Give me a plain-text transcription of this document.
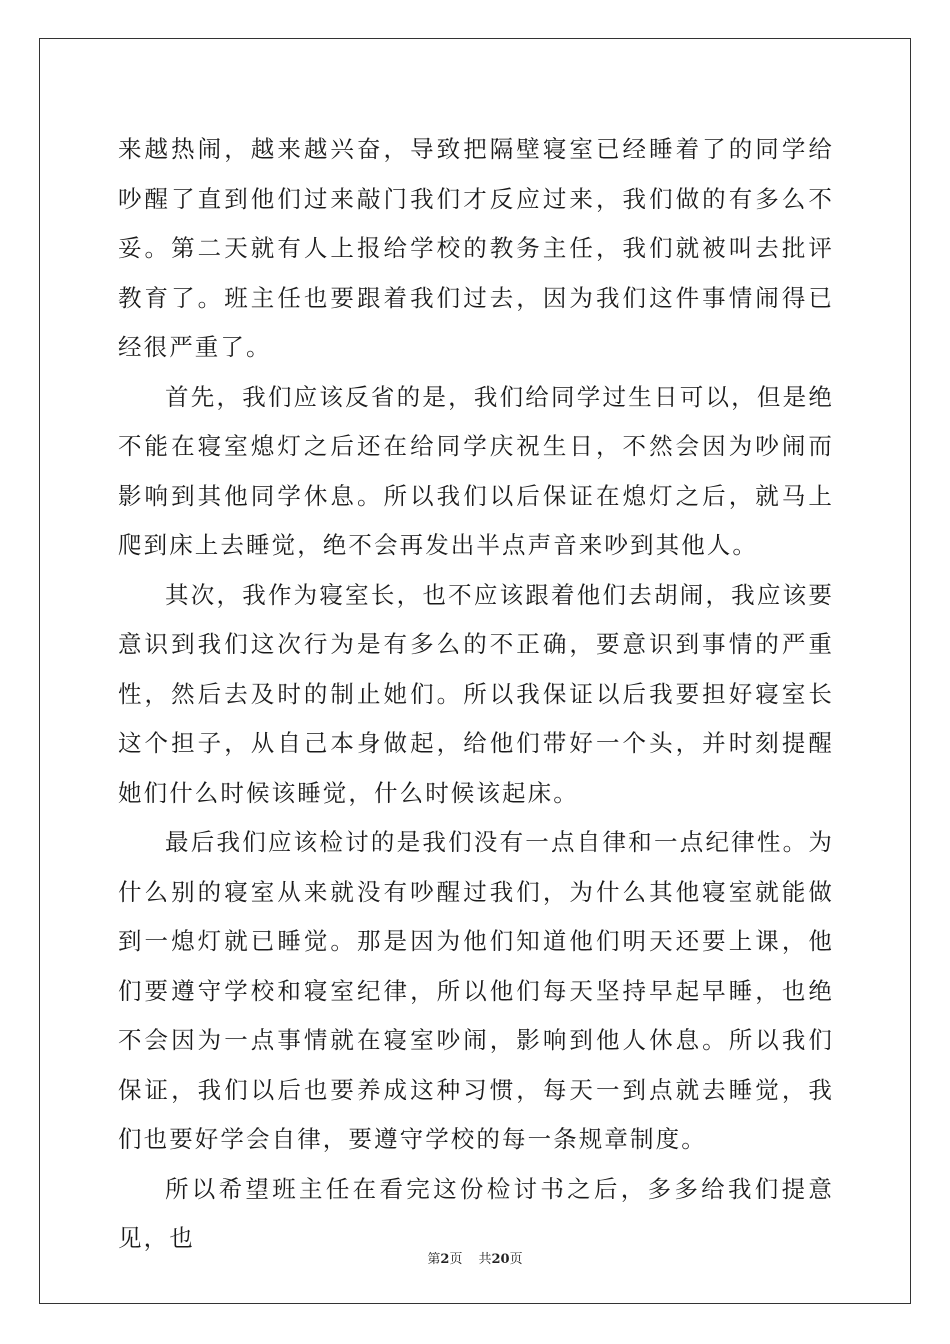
来越热闹，越来越兴奋，导致把隔壁寝室已经睡着了的同学给吵醒了直到他们过来敲门我们才反应过来，我们做的有多么不妥。第二天就有人上报给学校的教务主任，我们就被叫去批评教育了。班主任也要跟着我们过去，因为我们这件事情闹得已经很严重了。

首先，我们应该反省的是，我们给同学过生日可以，但是绝不能在寝室熄灯之后还在给同学庆祝生日，不然会因为吵闹而影响到其他同学休息。所以我们以后保证在熄灯之后，就马上爬到床上去睡觉，绝不会再发出半点声音来吵到其他人。

其次，我作为寝室长，也不应该跟着他们去胡闹，我应该要意识到我们这次行为是有多么的不正确，要意识到事情的严重性，然后去及时的制止她们。所以我保证以后我要担好寝室长这个担子，从自己本身做起，给他们带好一个头，并时刻提醒她们什么时候该睡觉，什么时候该起床。

最后我们应该检讨的是我们没有一点自律和一点纪律性。为什么别的寝室从来就没有吵醒过我们，为什么其他寝室就能做到一熄灯就已睡觉。那是因为他们知道他们明天还要上课，他们要遵守学校和寝室纪律，所以他们每天坚持早起早睡，也绝不会因为一点事情就在寝室吵闹，影响到他人休息。所以我们保证，我们以后也要养成这种习惯，每天一到点就去睡觉，我们也要好学会自律，要遵守学校的每一条规章制度。

所以希望班主任在看完这份检讨书之后，多多给我们提意见，也

第2页 共20页
